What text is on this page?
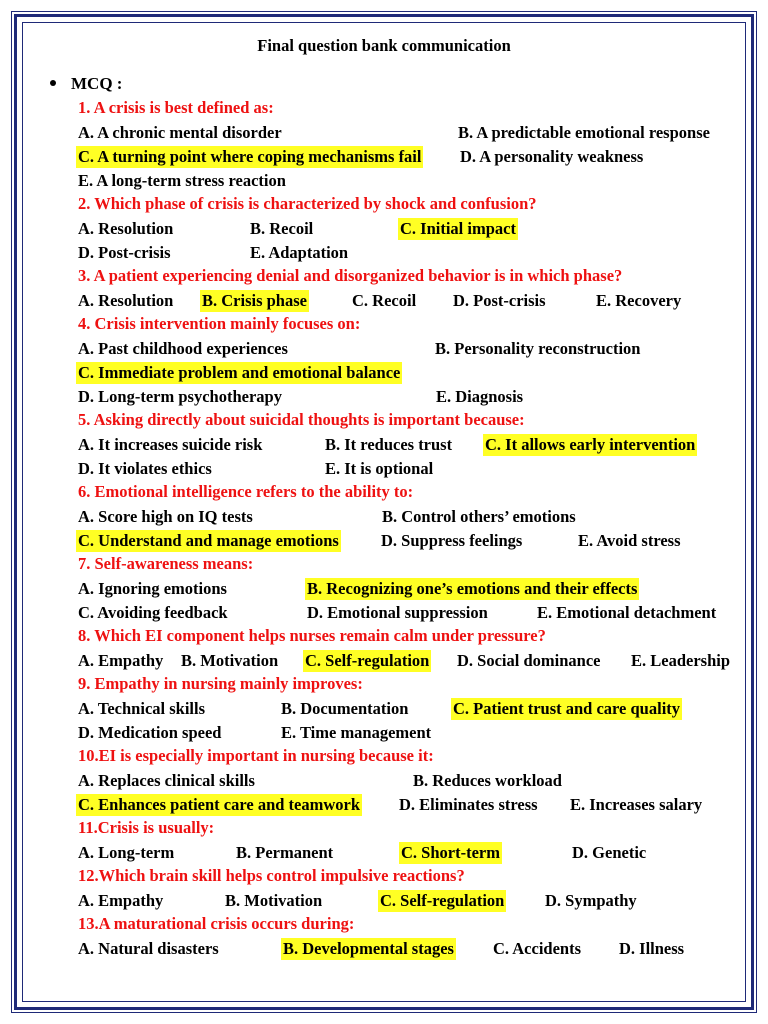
Final question bank communication
MCQ :
1. A crisis is best defined as:
A. A chronic mental disorder	B. A predictable emotional response
C. A turning point where coping mechanisms fail D. A personality weakness
E. A long-term stress reaction
2. Which phase of crisis is characterized by shock and confusion?
A. Resolution	B. Recoil	C. Initial impact
D. Post-crisis	E. Adaptation
3. A patient experiencing denial and disorganized behavior is in which phase?
A. Resolution B. Crisis phase	C. Recoil D. Post-crisis	E. Recovery
4. Crisis intervention mainly focuses on:
A. Past childhood experiences	B. Personality reconstruction
C. Immediate problem and emotional balance
D. Long-term psychotherapy	E. Diagnosis
5. Asking directly about suicidal thoughts is important because:
A. It increases suicide risk	B. It reduces trust C. It allows early intervention
D. It violates ethics	E. It is optional
6. Emotional intelligence refers to the ability to:
A. Score high on IQ tests	B. Control others’ emotions
C. Understand and manage emotions	D. Suppress feelings	E. Avoid stress
7. Self-awareness means:
A. Ignoring emotions	B. Recognizing one’s emotions and their effects
C. Avoiding feedback	D. Emotional suppression	E. Emotional detachment
8. Which EI component helps nurses remain calm under pressure?
A. Empathy B. Motivation C. Self-regulation D. Social dominance E. Leadership
9. Empathy in nursing mainly improves:
A. Technical skills	B. Documentation	C. Patient trust and care quality
D. Medication speed	E. Time management
10.EI is especially important in nursing because it:
A. Replaces clinical skills	B. Reduces workload
C. Enhances patient care and teamwork D. Eliminates stress E. Increases salary
11.Crisis is usually:
A. Long-term	B. Permanent	C. Short-term	D. Genetic
12.Which brain skill helps control impulsive reactions?
A. Empathy	B. Motivation	C. Self-regulation D. Sympathy
13.A maturational crisis occurs during:
A. Natural disasters	B. Developmental stages C. Accidents D. Illness
